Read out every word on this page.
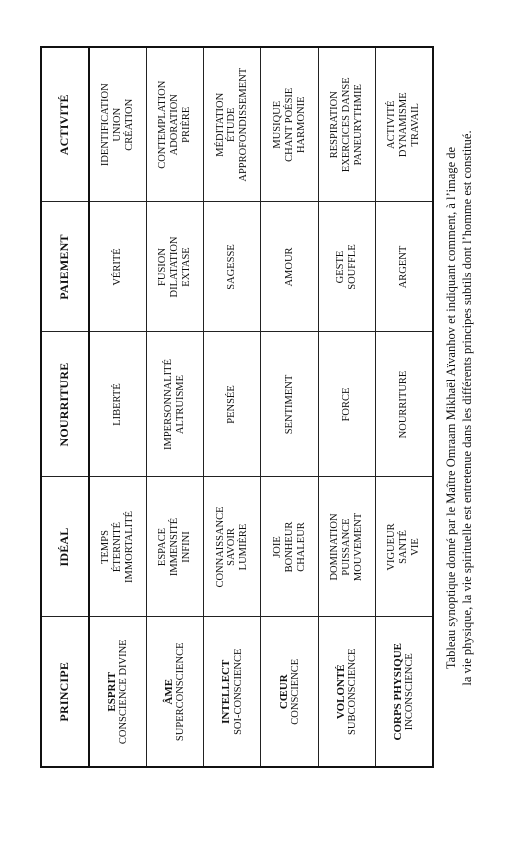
PRINCIPE	IDÉAL	NOURRITURE	PAIEMENT	ACTIVITÉ

ESPRIT CONSCIENCE DIVINE	TEMPS ÉTERNITÉ IMMORTALITÉ	LIBERTÉ	VÉRITÉ	IDENTIFICATION UNION CRÉATION

ÂME SUPERCONSCIENCE	ESPACE IMMENSITÉ INFINI	IMPERSONNALITÉ ALTRUISME	FUSION DILATATION EXTASE	CONTEMPLATION ADORATION PRIÈRE

INTELLECT SOI-CONSCIENCE	CONNAISSANCE SAVOIR LUMIÈRE	PENSÉE	SAGESSE	MÉDITATION ÉTUDE APPROFONDISSEMENT

CŒUR CONSCIENCE	JOIE BONHEUR CHALEUR	SENTIMENT	AMOUR	MUSIQUE CHANT POÉSIE HARMONIE

VOLONTÉ SUBCONSCIENCE	DOMINATION PUISSANCE MOUVEMENT	FORCE	GESTE SOUFFLE	RESPIRATION EXERCICES DANSE PANEURYTHMIE

CORPS PHYSIQUE INCONSCIENCE	VIGUEUR SANTÉ VIE	NOURRITURE	ARGENT	ACTIVITÉ DYNAMISME TRAVAIL

Tableau synoptique donné par le Maître Omraam Mikhaël Aïvanhov et indiquant comment, à l’image de la vie physique, la vie spirituelle est entretenue dans les différents principes subtils dont l’homme est constitué.
